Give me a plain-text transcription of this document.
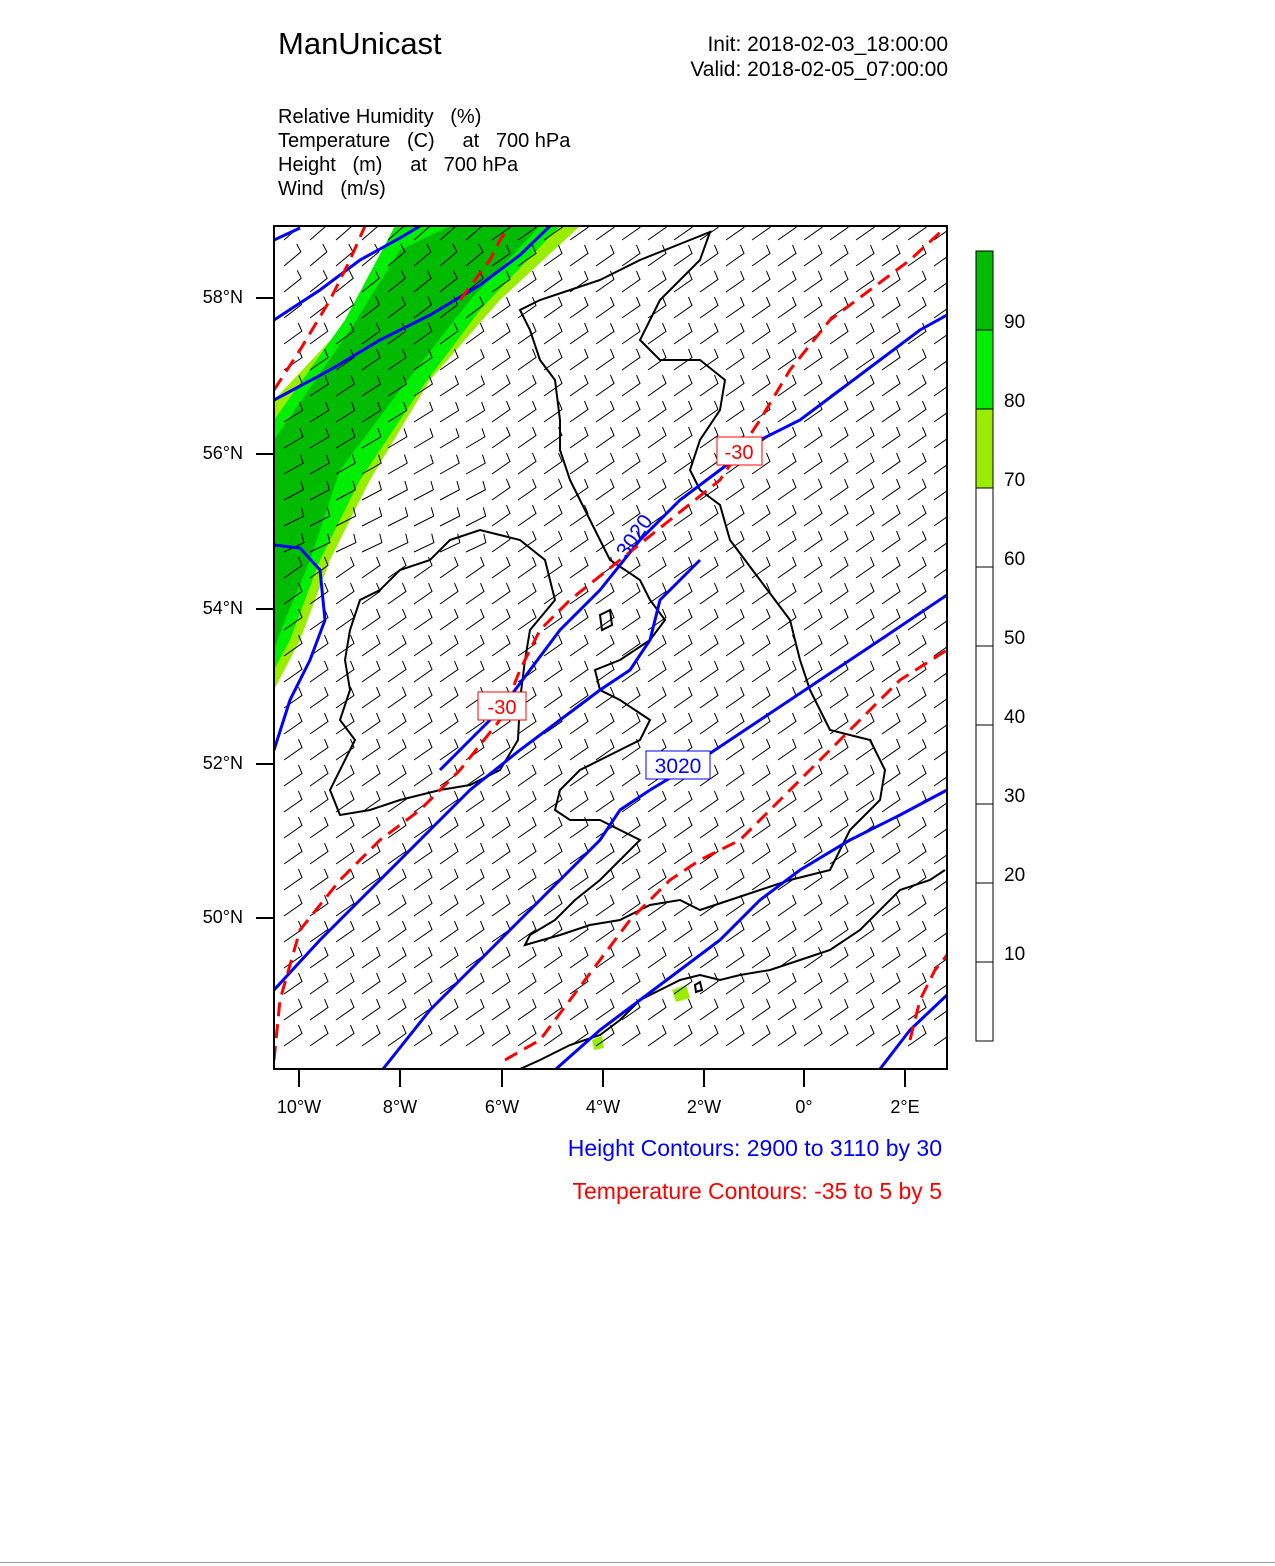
ManUnicast	Init: 2018-02-03_18:00:00
Valid: 2018-02-05_07:00:00
Relative Humidity   (%)
Temperature   (C)     at   700 hPa
Height   (m)     at   700 hPa
Wind   (m/s)
-30
-30
3020
3020
58°N
56°N
54°N
52°N
50°N
10°W	8°W	6°W	4°W	2°W	0°	2°E
90
80
70
60
50
40
30
20
10
Height Contours: 2900 to 3110 by 30
Temperature Contours: -35 to 5 by 5
